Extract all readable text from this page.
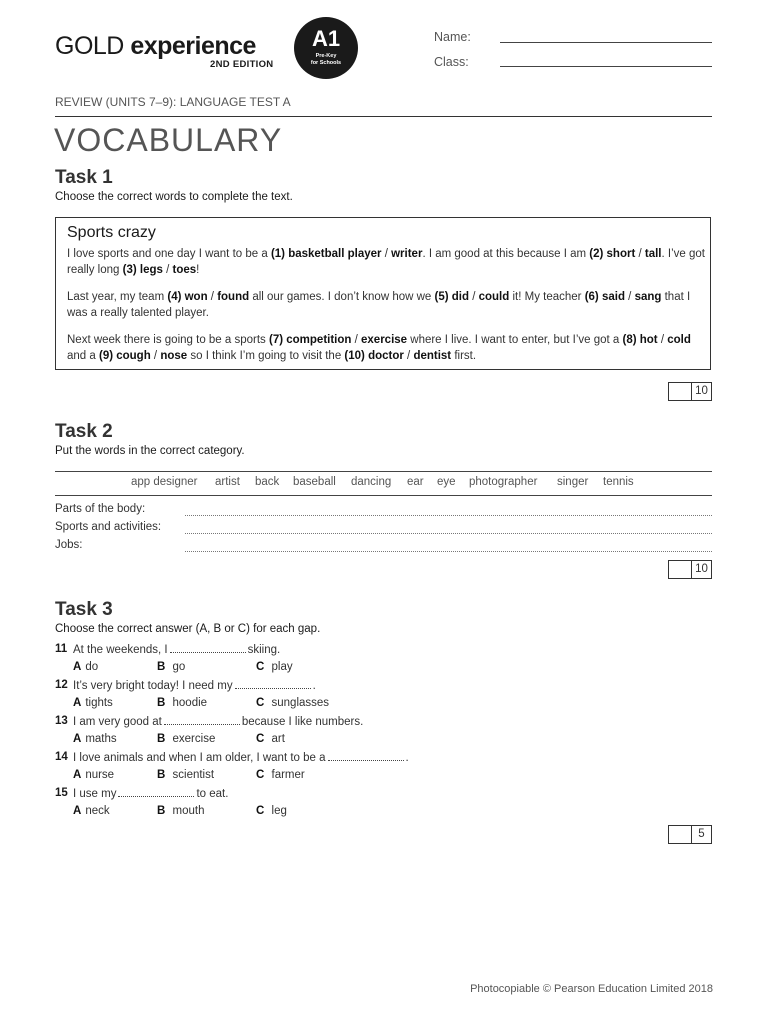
GOLD experience
2ND EDITION
A1
Pre-Key
for Schools
Name:
Class:
REVIEW (UNITS 7–9): LANGUAGE TEST A
VOCABULARY
Task 1
Choose the correct words to complete the text.
Sports crazy
I love sports and one day I want to be a (1) basketball player / writer. I am good at this because I am (2) short / tall. I’ve got really long (3) legs / toes!
Last year, my team (4) won / found all our games. I don’t know how we (5) did / could it! My teacher (6) said / sang that I was a really talented player.
Next week there is going to be a sports (7) competition / exercise where I live. I want to enter, but I’ve got a (8) hot / cold and a (9) cough / nose so I think I’m going to visit the (10) doctor / dentist first.
10
Task 2
Put the words in the correct category.
app designer artist back baseball dancing ear eye photographer singer tennis
Parts of the body:
Sports and activities:
Jobs:
10
Task 3
Choose the correct answer (A, B or C) for each gap.
11 At the weekends, I	skiing.
A do	B go	C play
12 It’s very bright today! I need my	.
A tights	B hoodie	C sunglasses
13 I am very good at	because I like numbers.
A maths	B exercise	C art
14 I love animals and when I am older, I want to be a	.
A nurse	B scientist	C farmer
15 I use my	to eat.
A neck	B mouth	C leg
5
Photocopiable © Pearson Education Limited 2018
